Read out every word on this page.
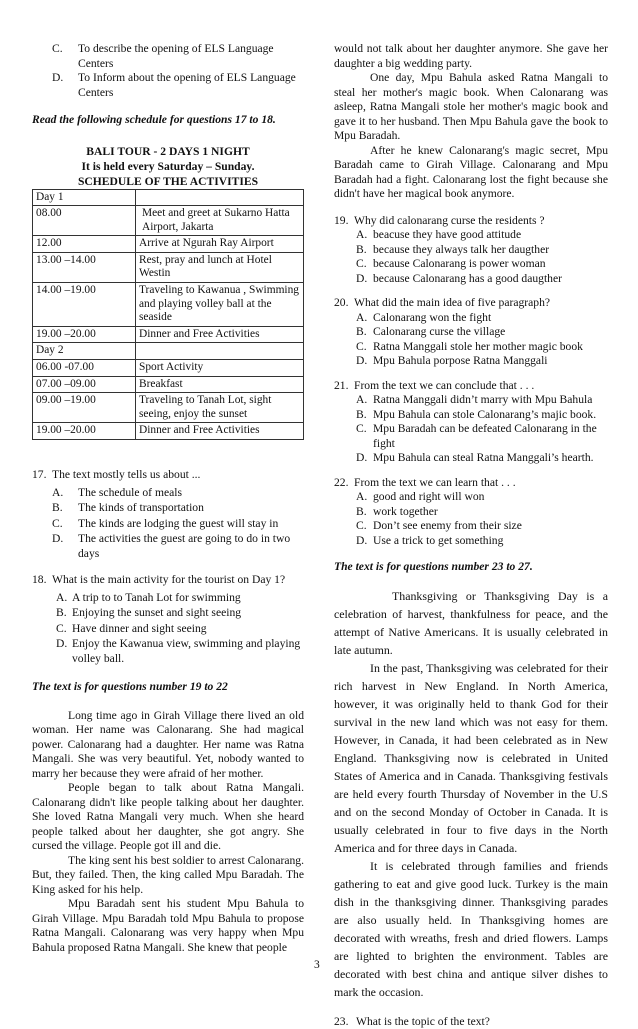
C.	To describe the opening of ELS Language Centers
D.	To Inform about the opening of ELS Language Centers
Read the following schedule for questions 17 to 18.
BALI TOUR - 2 DAYS 1 NIGHT
It is held every Saturday – Sunday.
SCHEDULE OF THE ACTIVITIES
Day 1	
08.00	Meet and greet at Sukarno Hatta Airport, Jakarta
12.00	Arrive at Ngurah Ray Airport
13.00 –14.00	Rest, pray and lunch at Hotel Westin
14.00 –19.00	Traveling to Kawanua , Swimming and playing volley ball at the seaside
19.00 –20.00	Dinner and Free Activities
Day 2	
06.00 -07.00	Sport Activity
07.00 –09.00	Breakfast
09.00 –19.00	Traveling to Tanah Lot, sight seeing, enjoy the sunset
19.00 –20.00	Dinner and Free Activities
17. The text mostly tells us about ...
A.	The schedule of meals
B.	The kinds of transportation
C.	The kinds are lodging the guest will stay in
D.	The activities the guest are going to do in two days
18. What is the main activity for the tourist on Day 1?
A. A trip to to Tanah Lot for swimming
B. Enjoying the sunset and sight seeing
C. Have dinner and sight seeing
D. Enjoy the Kawanua view, swimming and playing volley ball.
The text is for questions number 19 to 22

Long time ago in Girah Village there lived an old woman. Her name was Calonarang. She had magical power. Calonarang had a daughter. Her name was Ratna Mangali. She was very beautiful. Yet, nobody wanted to marry her because they were afraid of her mother.

People began to talk about Ratna Mangali. Calonarang didn't like people talking about her daughter. She loved Ratna Mangali very much. When she heard people talked about her daughter, she got angry. She cursed the village. People got ill and die.

The king sent his best soldier to arrest Calonarang. But, they failed. Then, the king called Mpu Baradah. The King asked for his help.

Mpu Baradah sent his student Mpu Bahula to Girah Village. Mpu Baradah told Mpu Bahula to propose Ratna Mangali. Calonarang was very happy when Mpu Bahula proposed Ratna Mangali. She knew that people

would not talk about her daughter anymore. She gave her daughter a big wedding party.

One day, Mpu Bahula asked Ratna Mangali to steal her mother's magic book. When Calonarang was asleep, Ratna Mangali stole her mother's magic book and gave it to her husband. Then Mpu Bahula gave the book to Mpu Baradah.

After he knew Calonarang's magic secret, Mpu Baradah came to Girah Village. Calonarang and Mpu Baradah had a fight. Calonarang lost the fight because she didn't have her magical book anymore.

19. Why did calonarang curse the residents ?
A. beacuse they have good attitude
B. because they always talk her daugther
C. because Calonarang is power woman
D. because Calonarang has a good daugther
20. What did the main idea of five paragraph?
A. Calonarang won the fight
B. Calonarang curse the village
C. Ratna Manggali stole her mother magic book
D. Mpu Bahula porpose Ratna Manggali
21. From the text we can conclude that . . .
A. Ratna Manggali didn’t marry with Mpu Bahula
B. Mpu Bahula can stole Calonarang’s majic book.
C. Mpu Baradah can be defeated Calonarang in the fight
D. Mpu Bahula can steal Ratna Manggali’s hearth.
22. From the text we can learn that . . .
A. good and right will won
B. work together
C. Don’t see enemy from their size
D. Use a trick to get something
The text is for questions number 23 to 27.

Thanksgiving or Thanksgiving Day is a celebration of harvest, thankfulness for peace, and the attempt of Native Americans. It is usually celebrated in late autumn.

In the past, Thanksgiving was celebrated for their rich harvest in New England. In North America, however, it was originally held to thank God for their survival in the new land which was not easy for them. However, in Canada, it had been celebrated as in New England. Thanksgiving now is celebrated in United States of America and in Canada. Thanksgiving festivals are held every fourth Thursday of November in the U.S and on the second Monday of October in Canada. It is usually celebrated in four to five days in the North America and for three days in Canada.

It is celebrated through families and friends gathering to eat and give good luck. Turkey is the main dish in the thanksgiving dinner. Thanksgiving parades are also usually held. In Thanksgiving homes are decorated with wreaths, fresh and dried flowers. Lamps are lighted to brighten the environment. Tables are decorated with best china and antique silver dishes to mark the occasion.

23. What is the topic of the text?
3
